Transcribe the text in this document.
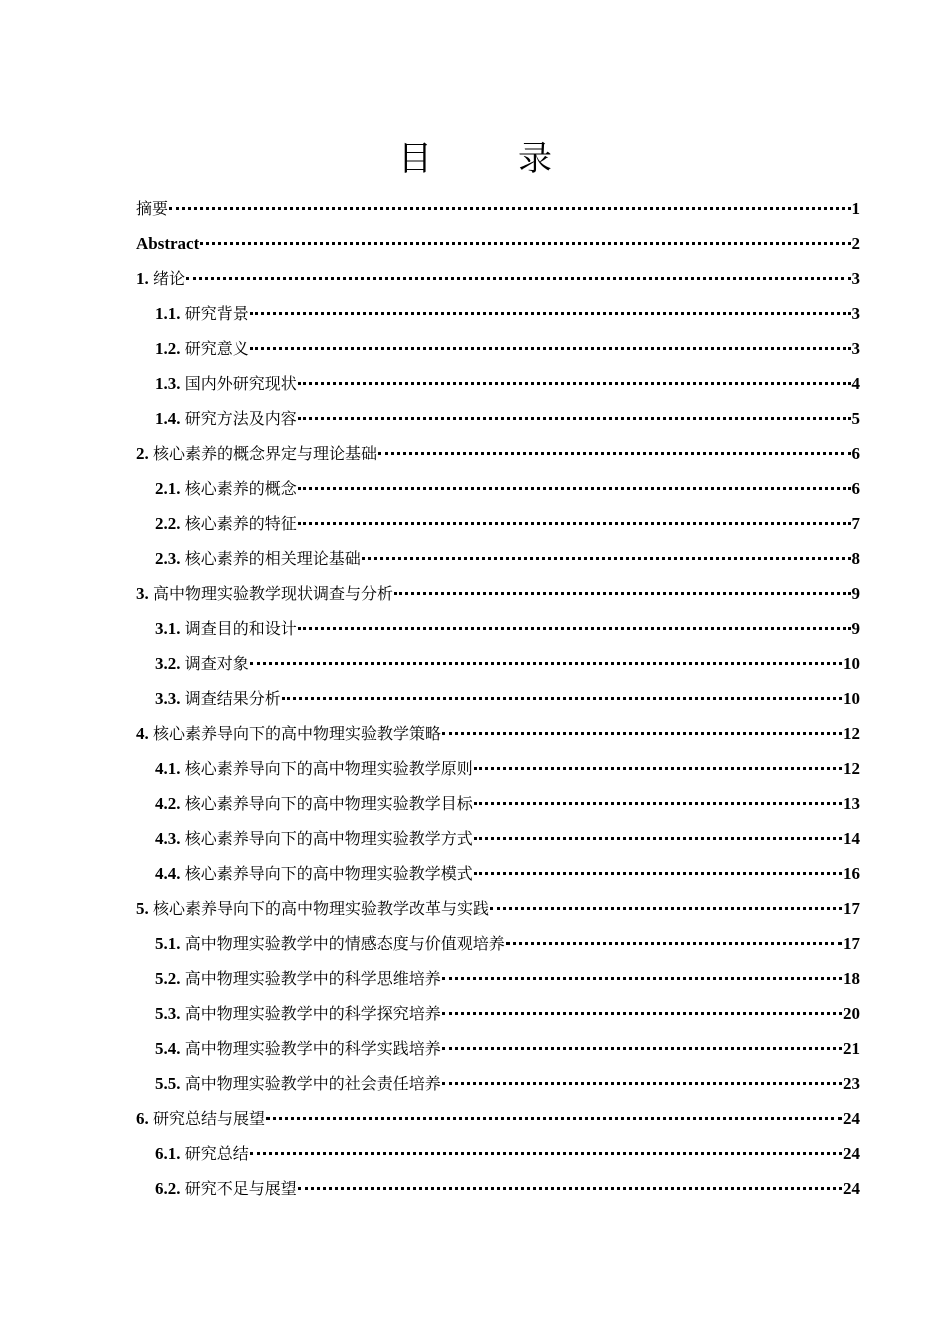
目　录
摘要	1
Abstract	2
1. 绪论	3
1.1. 研究背景	3
1.2. 研究意义	3
1.3. 国内外研究现状	4
1.4. 研究方法及内容	5
2. 核心素养的概念界定与理论基础	6
2.1. 核心素养的概念	6
2.2. 核心素养的特征	7
2.3. 核心素养的相关理论基础	8
3. 高中物理实验教学现状调查与分析	9
3.1. 调查目的和设计	9
3.2. 调查对象	10
3.3. 调查结果分析	10
4. 核心素养导向下的高中物理实验教学策略	12
4.1. 核心素养导向下的高中物理实验教学原则	12
4.2. 核心素养导向下的高中物理实验教学目标	13
4.3. 核心素养导向下的高中物理实验教学方式	14
4.4. 核心素养导向下的高中物理实验教学模式	16
5. 核心素养导向下的高中物理实验教学改革与实践	17
5.1. 高中物理实验教学中的情感态度与价值观培养	17
5.2. 高中物理实验教学中的科学思维培养	18
5.3. 高中物理实验教学中的科学探究培养	20
5.4. 高中物理实验教学中的科学实践培养	21
5.5. 高中物理实验教学中的社会责任培养	23
6. 研究总结与展望	24
6.1. 研究总结	24
6.2. 研究不足与展望	24
